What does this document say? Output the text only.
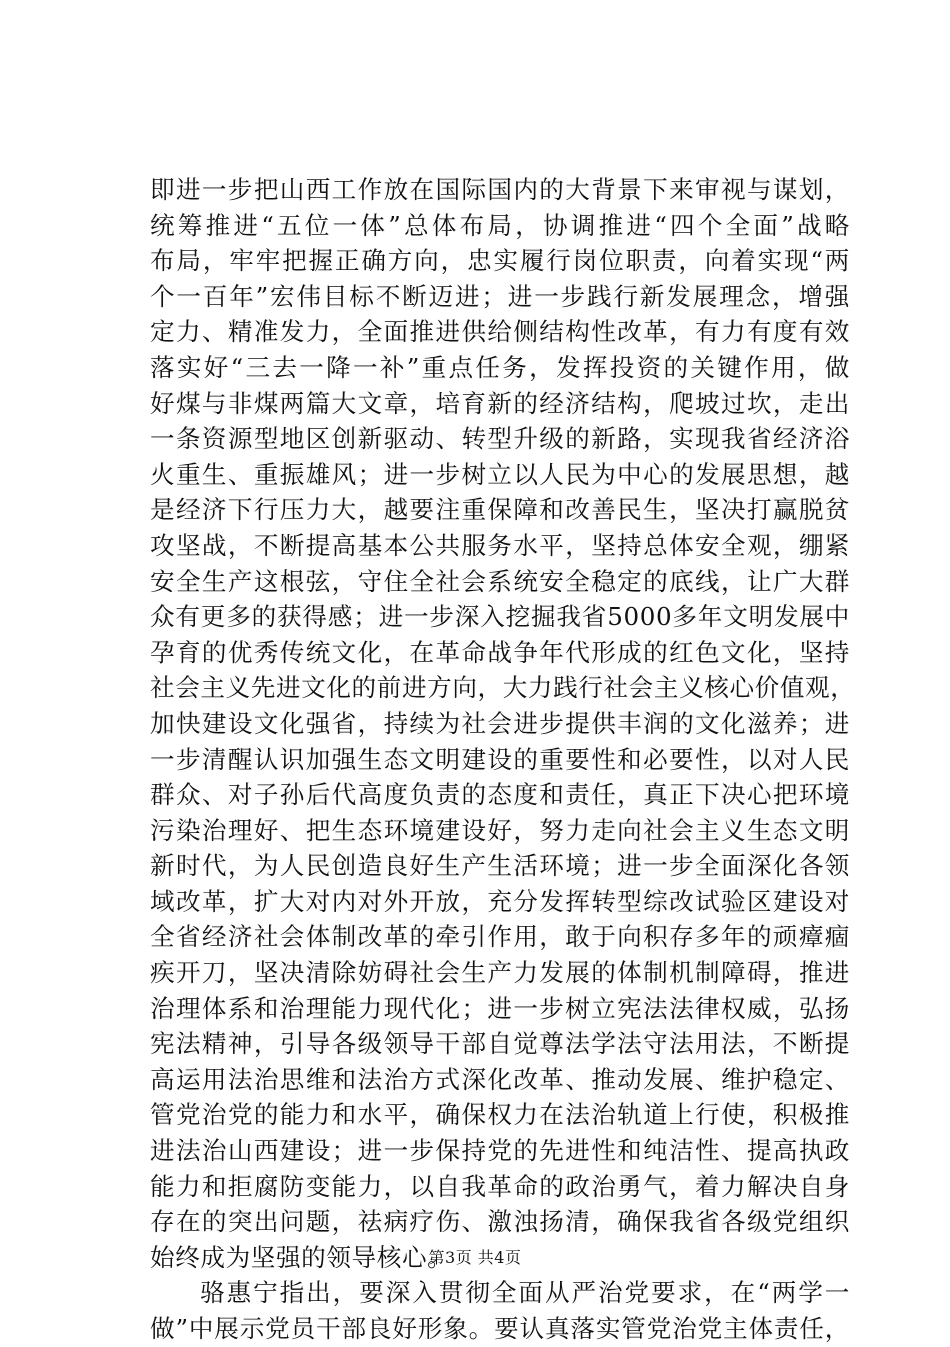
即进一步把山西工作放在国际国内的大背景下来审视与谋划，
统筹推进“五位一体”总体布局，协调推进“四个全面”战略
布局，牢牢把握正确方向，忠实履行岗位职责，向着实现“两
个一百年”宏伟目标不断迈进；进一步践行新发展理念，增强
定力、精准发力，全面推进供给侧结构性改革，有力有度有效
落实好“三去一降一补”重点任务，发挥投资的关键作用，做
好煤与非煤两篇大文章，培育新的经济结构，爬坡过坎，走出
一条资源型地区创新驱动、转型升级的新路，实现我省经济浴
火重生、重振雄风；进一步树立以人民为中心的发展思想，越
是经济下行压力大，越要注重保障和改善民生，坚决打赢脱贫
攻坚战，不断提高基本公共服务水平，坚持总体安全观，绷紧
安全生产这根弦，守住全社会系统安全稳定的底线，让广大群
众有更多的获得感；进一步深入挖掘我省5000多年文明发展中
孕育的优秀传统文化，在革命战争年代形成的红色文化，坚持
社会主义先进文化的前进方向，大力践行社会主义核心价值观，
加快建设文化强省，持续为社会进步提供丰润的文化滋养；进
一步清醒认识加强生态文明建设的重要性和必要性，以对人民
群众、对子孙后代高度负责的态度和责任，真正下决心把环境
污染治理好、把生态环境建设好，努力走向社会主义生态文明
新时代，为人民创造良好生产生活环境；进一步全面深化各领
域改革，扩大对内对外开放，充分发挥转型综改试验区建设对
全省经济社会体制改革的牵引作用，敢于向积存多年的顽瘴痼
疾开刀，坚决清除妨碍社会生产力发展的体制机制障碍，推进
治理体系和治理能力现代化；进一步树立宪法法律权威，弘扬
宪法精神，引导各级领导干部自觉尊法学法守法用法，不断提
高运用法治思维和法治方式深化改革、推动发展、维护稳定、
管党治党的能力和水平，确保权力在法治轨道上行使，积极推
进法治山西建设；进一步保持党的先进性和纯洁性、提高执政
能力和拒腐防变能力，以自我革命的政治勇气，着力解决自身
存在的突出问题，祛病疗伤、激浊扬清，确保我省各级党组织
始终成为坚强的领导核心。
骆惠宁指出，要深入贯彻全面从严治党要求，在“两学一
做”中展示党员干部良好形象。要认真落实管党治党主体责任，
第3页 共4页
